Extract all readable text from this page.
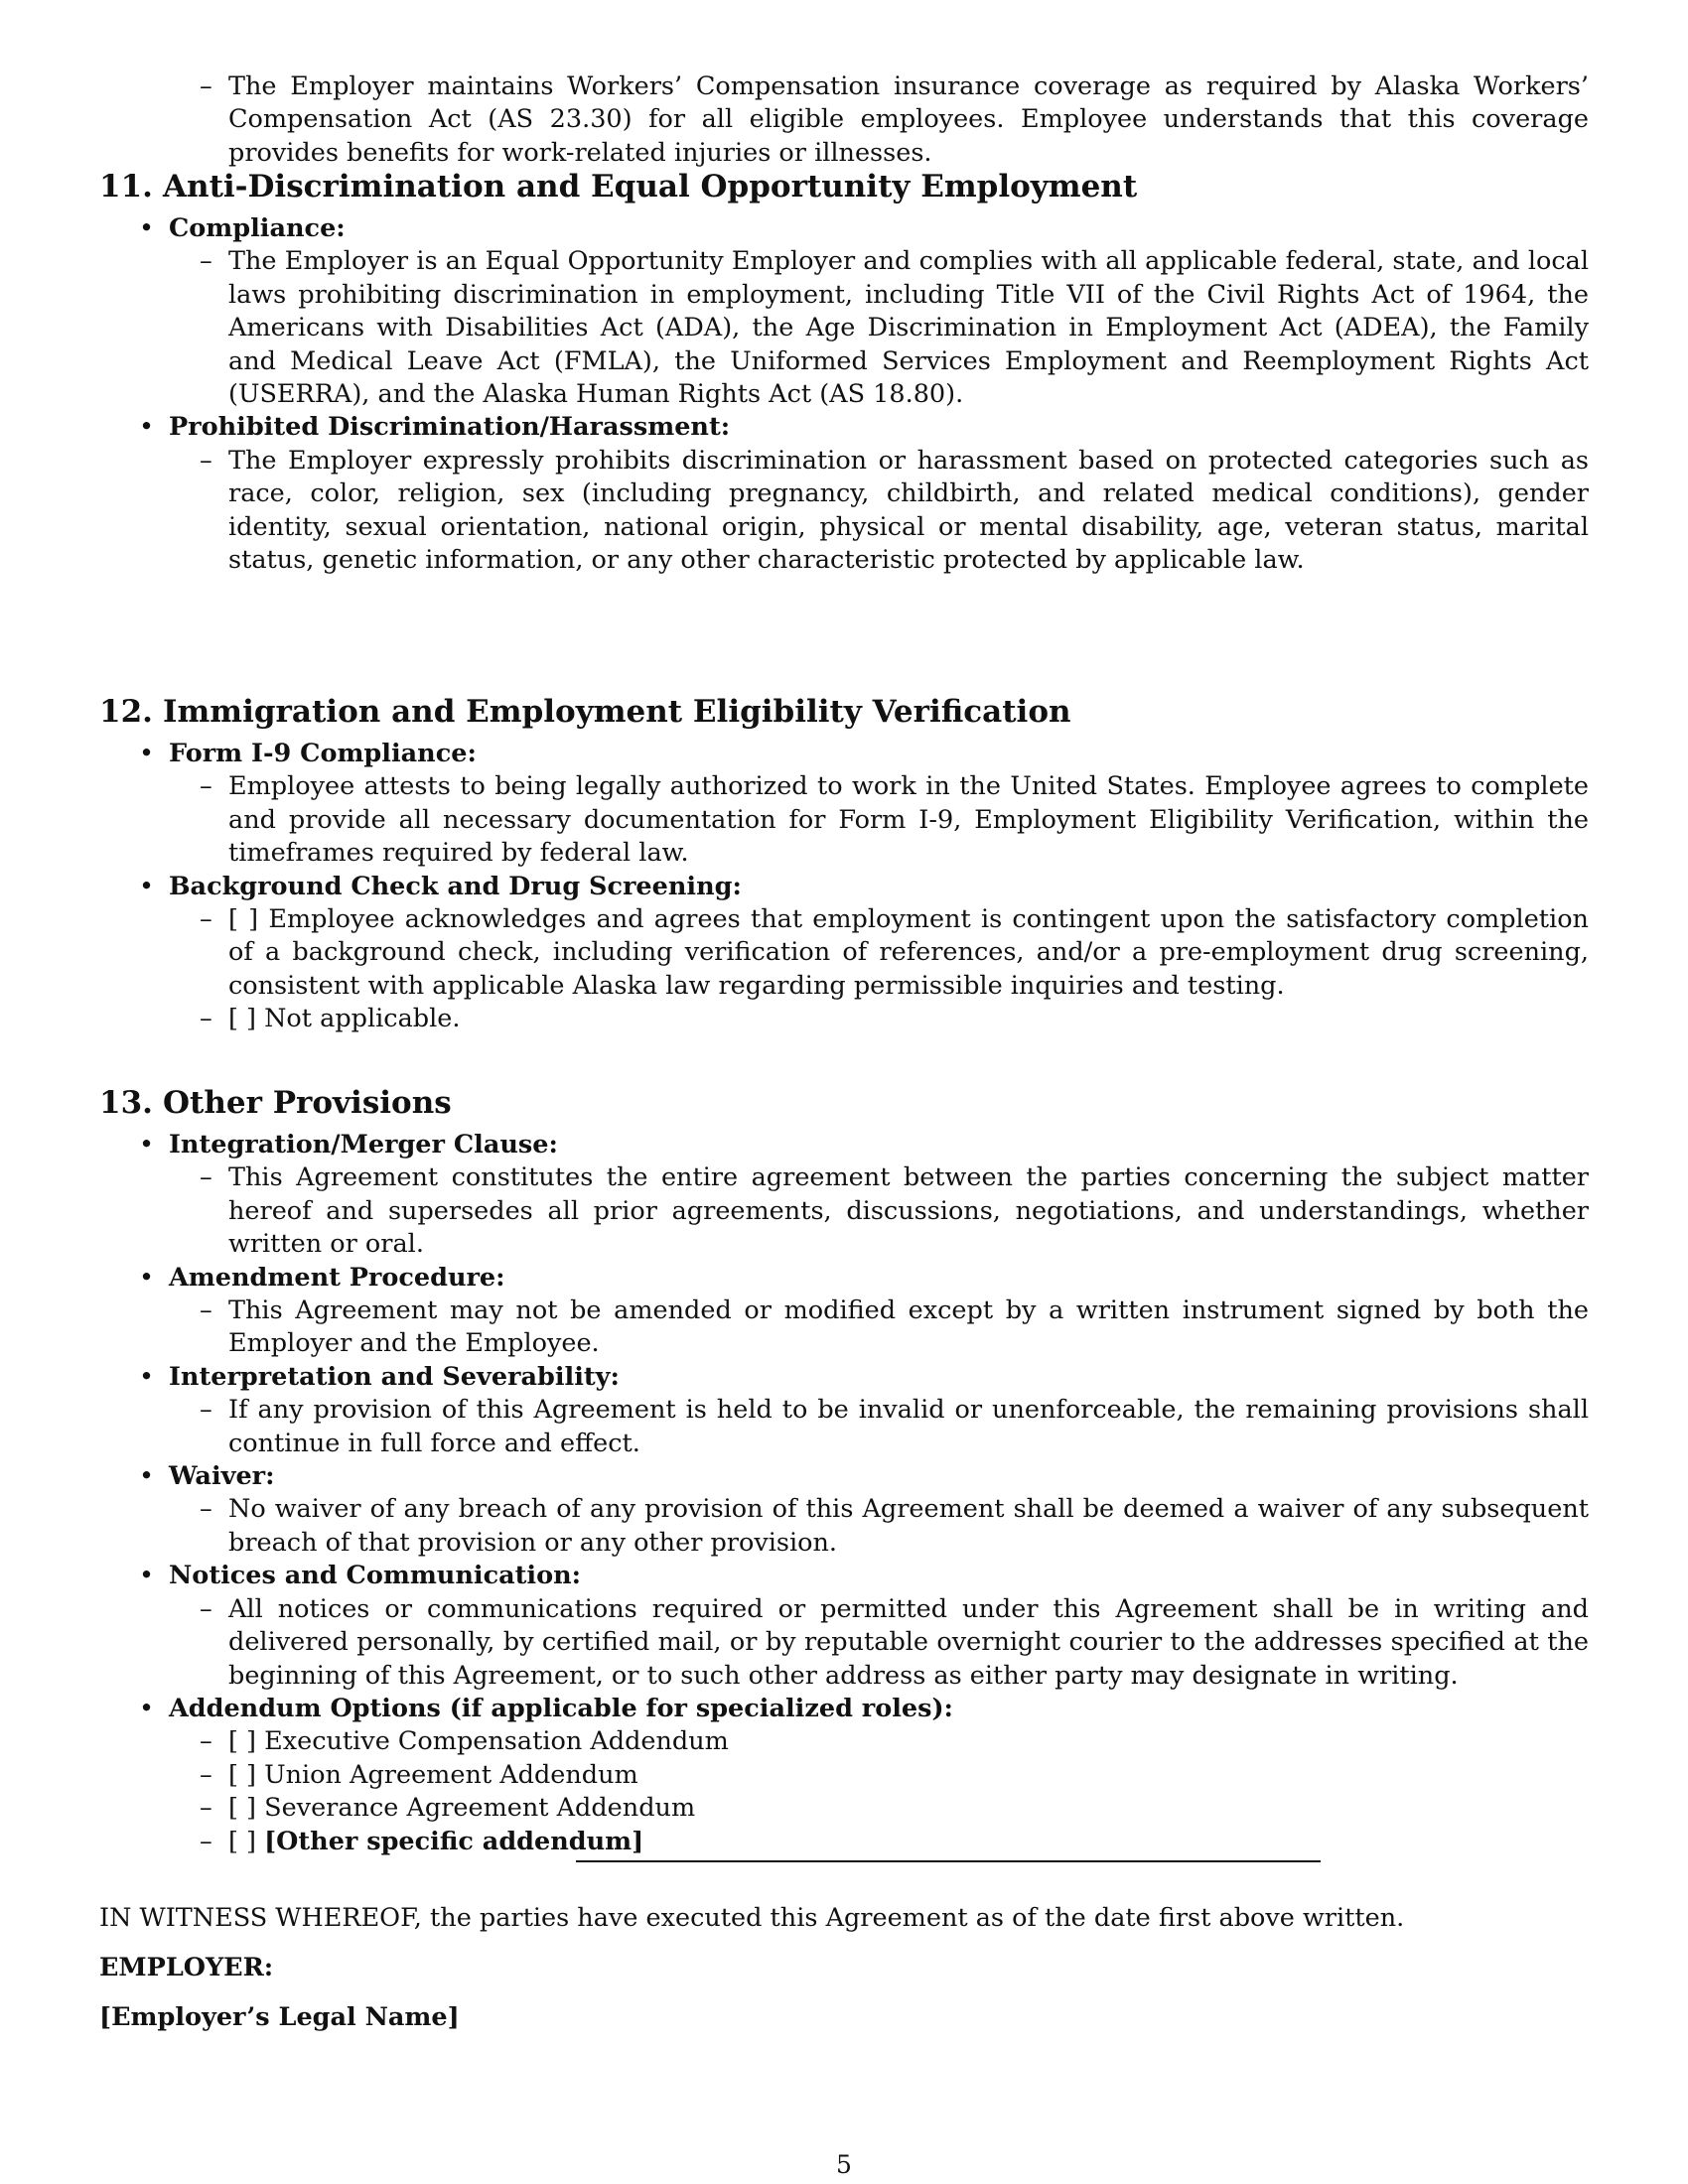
– The Employer maintains Workers’ Compensation insurance coverage as required by Alaska Workers’ Compensation Act (AS 23.30) for all eligible employees. Employee understands that this coverage provides benefits for work-related injuries or illnesses.
11. Anti-Discrimination and Equal Opportunity Employment
• Compliance:
– The Employer is an Equal Opportunity Employer and complies with all applicable federal, state, and local laws prohibiting discrimination in employment, including Title VII of the Civil Rights Act of 1964, the Americans with Disabilities Act (ADA), the Age Discrimination in Employment Act (ADEA), the Family and Medical Leave Act (FMLA), the Uniformed Services Employment and Reemployment Rights Act (USERRA), and the Alaska Human Rights Act (AS 18.80).
• Prohibited Discrimination/Harassment:
– The Employer expressly prohibits discrimination or harassment based on protected categories such as race, color, religion, sex (including pregnancy, childbirth, and related medical conditions), gender identity, sexual orientation, national origin, physical or mental disability, age, veteran status, marital status, genetic information, or any other characteristic protected by applicable law.
12. Immigration and Employment Eligibility Verification
• Form I-9 Compliance:
– Employee attests to being legally authorized to work in the United States. Employee agrees to complete and provide all necessary documentation for Form I-9, Employment Eligibility Verification, within the timeframes required by federal law.
• Background Check and Drug Screening:
– [ ] Employee acknowledges and agrees that employment is contingent upon the satisfactory completion of a background check, including verification of references, and/or a pre-employment drug screening, consistent with applicable Alaska law regarding permissible inquiries and testing.
– [ ] Not applicable.
13. Other Provisions
• Integration/Merger Clause:
– This Agreement constitutes the entire agreement between the parties concerning the subject matter hereof and supersedes all prior agreements, discussions, negotiations, and understandings, whether written or oral.
• Amendment Procedure:
– This Agreement may not be amended or modified except by a written instrument signed by both the Employer and the Employee.
• Interpretation and Severability:
– If any provision of this Agreement is held to be invalid or unenforceable, the remaining provisions shall continue in full force and effect.
• Waiver:
– No waiver of any breach of any provision of this Agreement shall be deemed a waiver of any subsequent breach of that provision or any other provision.
• Notices and Communication:
– All notices or communications required or permitted under this Agreement shall be in writing and delivered personally, by certified mail, or by reputable overnight courier to the addresses specified at the beginning of this Agreement, or to such other address as either party may designate in writing.
• Addendum Options (if applicable for specialized roles):
– [ ] Executive Compensation Addendum
– [ ] Union Agreement Addendum
– [ ] Severance Agreement Addendum
– [ ] [Other specific addendum]

IN WITNESS WHEREOF, the parties have executed this Agreement as of the date first above written.

EMPLOYER:

[Employer’s Legal Name]

5
